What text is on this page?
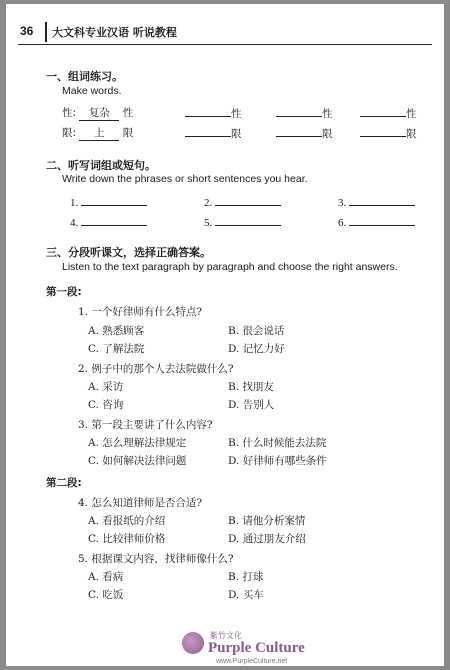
36 大文科专业汉语 听说教程
一、组词练习。
Make words.
性: 复杂 性	性	性	性
限: 上 限	限	限	限
二、听写词组或短句。
Write down the phrases or short sentences you hear.
1.	2.	3.
4.	5.	6.
三、分段听课文，选择正确答案。
Listen to the text paragraph by paragraph and choose the right answers.
第一段:
1. 一个好律师有什么特点?
A. 熟悉顾客	B. 很会说话
C. 了解法院	D. 记忆力好
2. 例子中的那个人去法院做什么?
A. 采访	B. 找朋友
C. 咨询	D. 告别人
3. 第一段主要讲了什么内容?
A. 怎么理解法律规定	B. 什么时候能去法院
C. 如何解决法律问题	D. 好律师有哪些条件
第二段:
4. 怎么知道律师是否合适?
A. 看报纸的介绍	B. 请他分析案情
C. 比较律师价格	D. 通过朋友介绍
5. 根据课文内容，找律师像什么?
A. 看病	B. 打球
C. 吃饭	D. 买车
紫竹文化
Purple Culture
www.PurpleCulture.net
